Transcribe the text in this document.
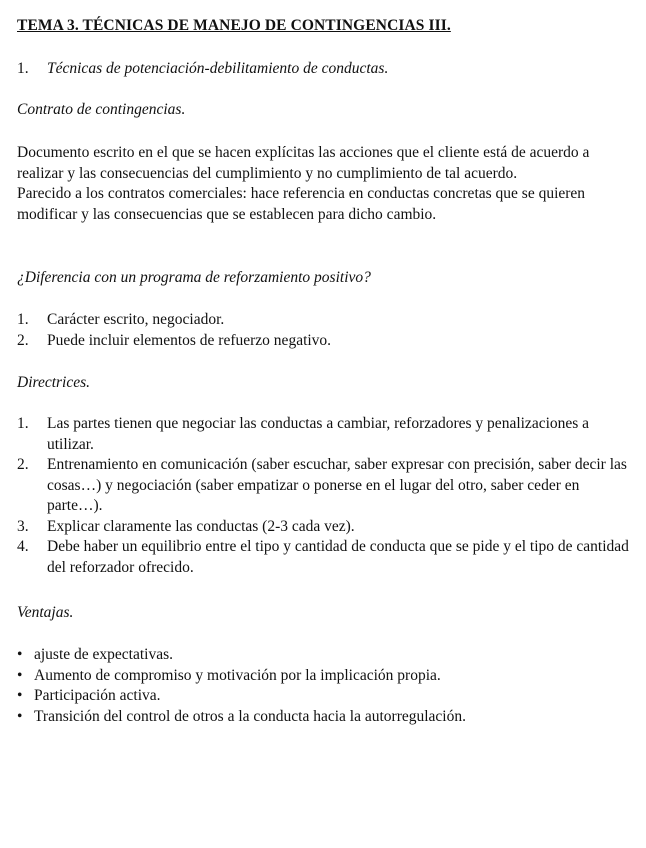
TEMA 3. TÉCNICAS DE MANEJO DE CONTINGENCIAS III.
1. Técnicas de potenciación-debilitamiento de conductas.

Contrato de contingencias.

Documento escrito en el que se hacen explícitas las acciones que el cliente está de acuerdo a realizar y las consecuencias del cumplimiento y no cumplimiento de tal acuerdo.

Parecido a los contratos comerciales: hace referencia en conductas concretas que se quieren modificar y las consecuencias que se establecen para dicho cambio.

¿Diferencia con un programa de reforzamiento positivo?

1. Carácter escrito, negociador.
2. Puede incluir elementos de refuerzo negativo.

Directrices.

1. Las partes tienen que negociar las conductas a cambiar, reforzadores y penalizaciones a utilizar.
2. Entrenamiento en comunicación (saber escuchar, saber expresar con precisión, saber decir las cosas…) y negociación (saber empatizar o ponerse en el lugar del otro, saber ceder en parte…).
3. Explicar claramente las conductas (2-3 cada vez).
4. Debe haber un equilibrio entre el tipo y cantidad de conducta que se pide y el tipo de cantidad del reforzador ofrecido.

Ventajas.

• ajuste de expectativas.
• Aumento de compromiso y motivación por la implicación propia.
• Participación activa.
• Transición del control de otros a la conducta hacia la autorregulación.
